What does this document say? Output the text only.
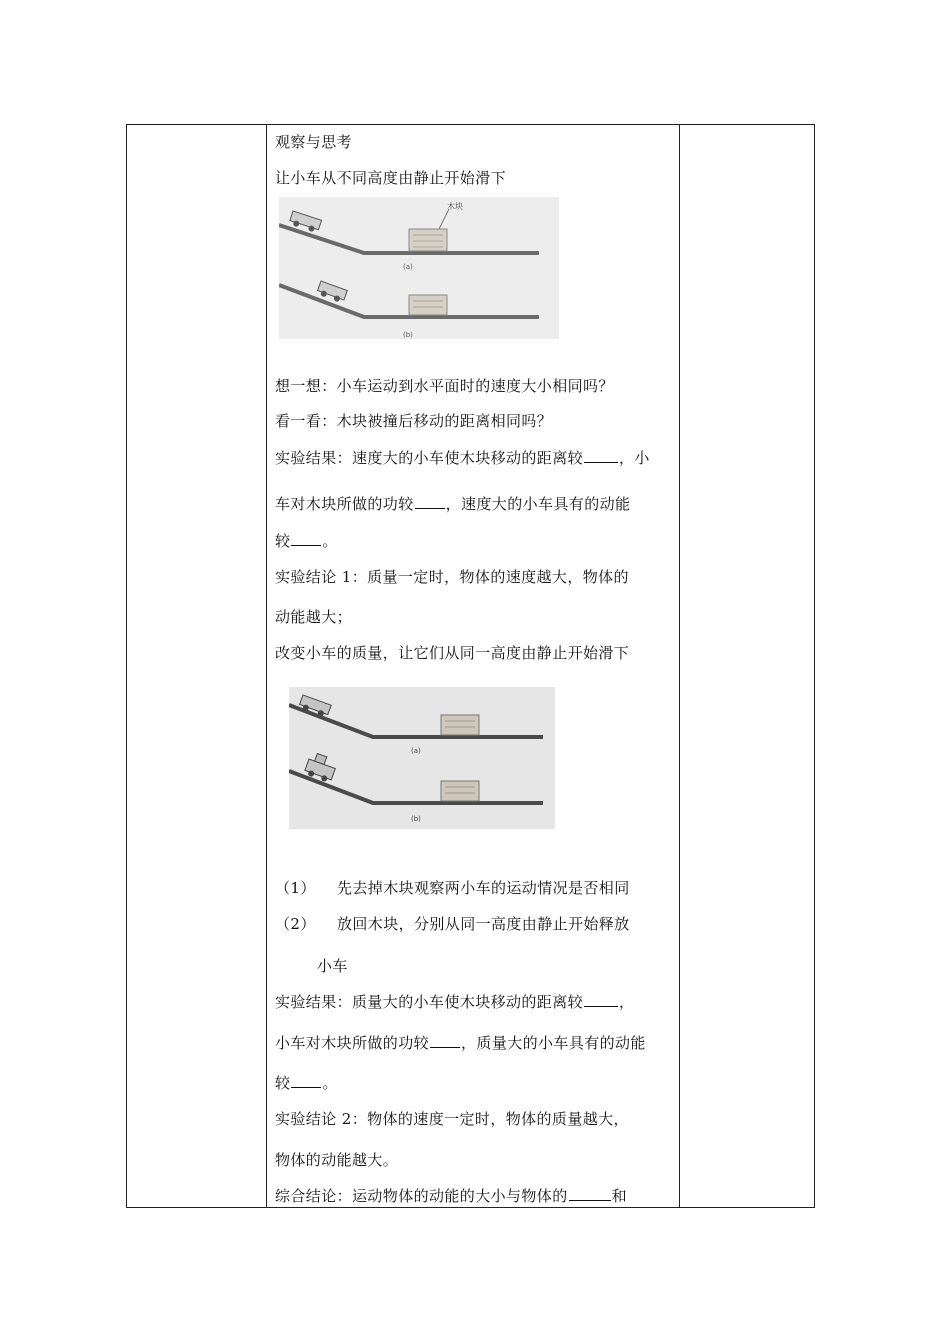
观察与思考
让小车从不同高度由静止开始滑下
木块
(a)
(b)
想一想：小车运动到水平面时的速度大小相同吗？
看一看：木块被撞后移动的距离相同吗？
实验结果：速度大的小车使木块移动的距离较 ，小
车对木块所做的功较 ，速度大的小车具有的动能
较 。
实验结论 1：质量一定时，物体的速度越大，物体的
动能越大；
改变小车的质量，让它们从同一高度由静止开始滑下
(a)
(b)
（1） 先去掉木块观察两小车的运动情况是否相同
（2） 放回木块，分别从同一高度由静止开始释放
小车
实验结果：质量大的小车使木块移动的距离较 ，
小车对木块所做的功较 ，质量大的小车具有的动能
较 。
实验结论 2：物体的速度一定时，物体的质量越大，
物体的动能越大。
综合结论：运动物体的动能的大小与物体的	和
